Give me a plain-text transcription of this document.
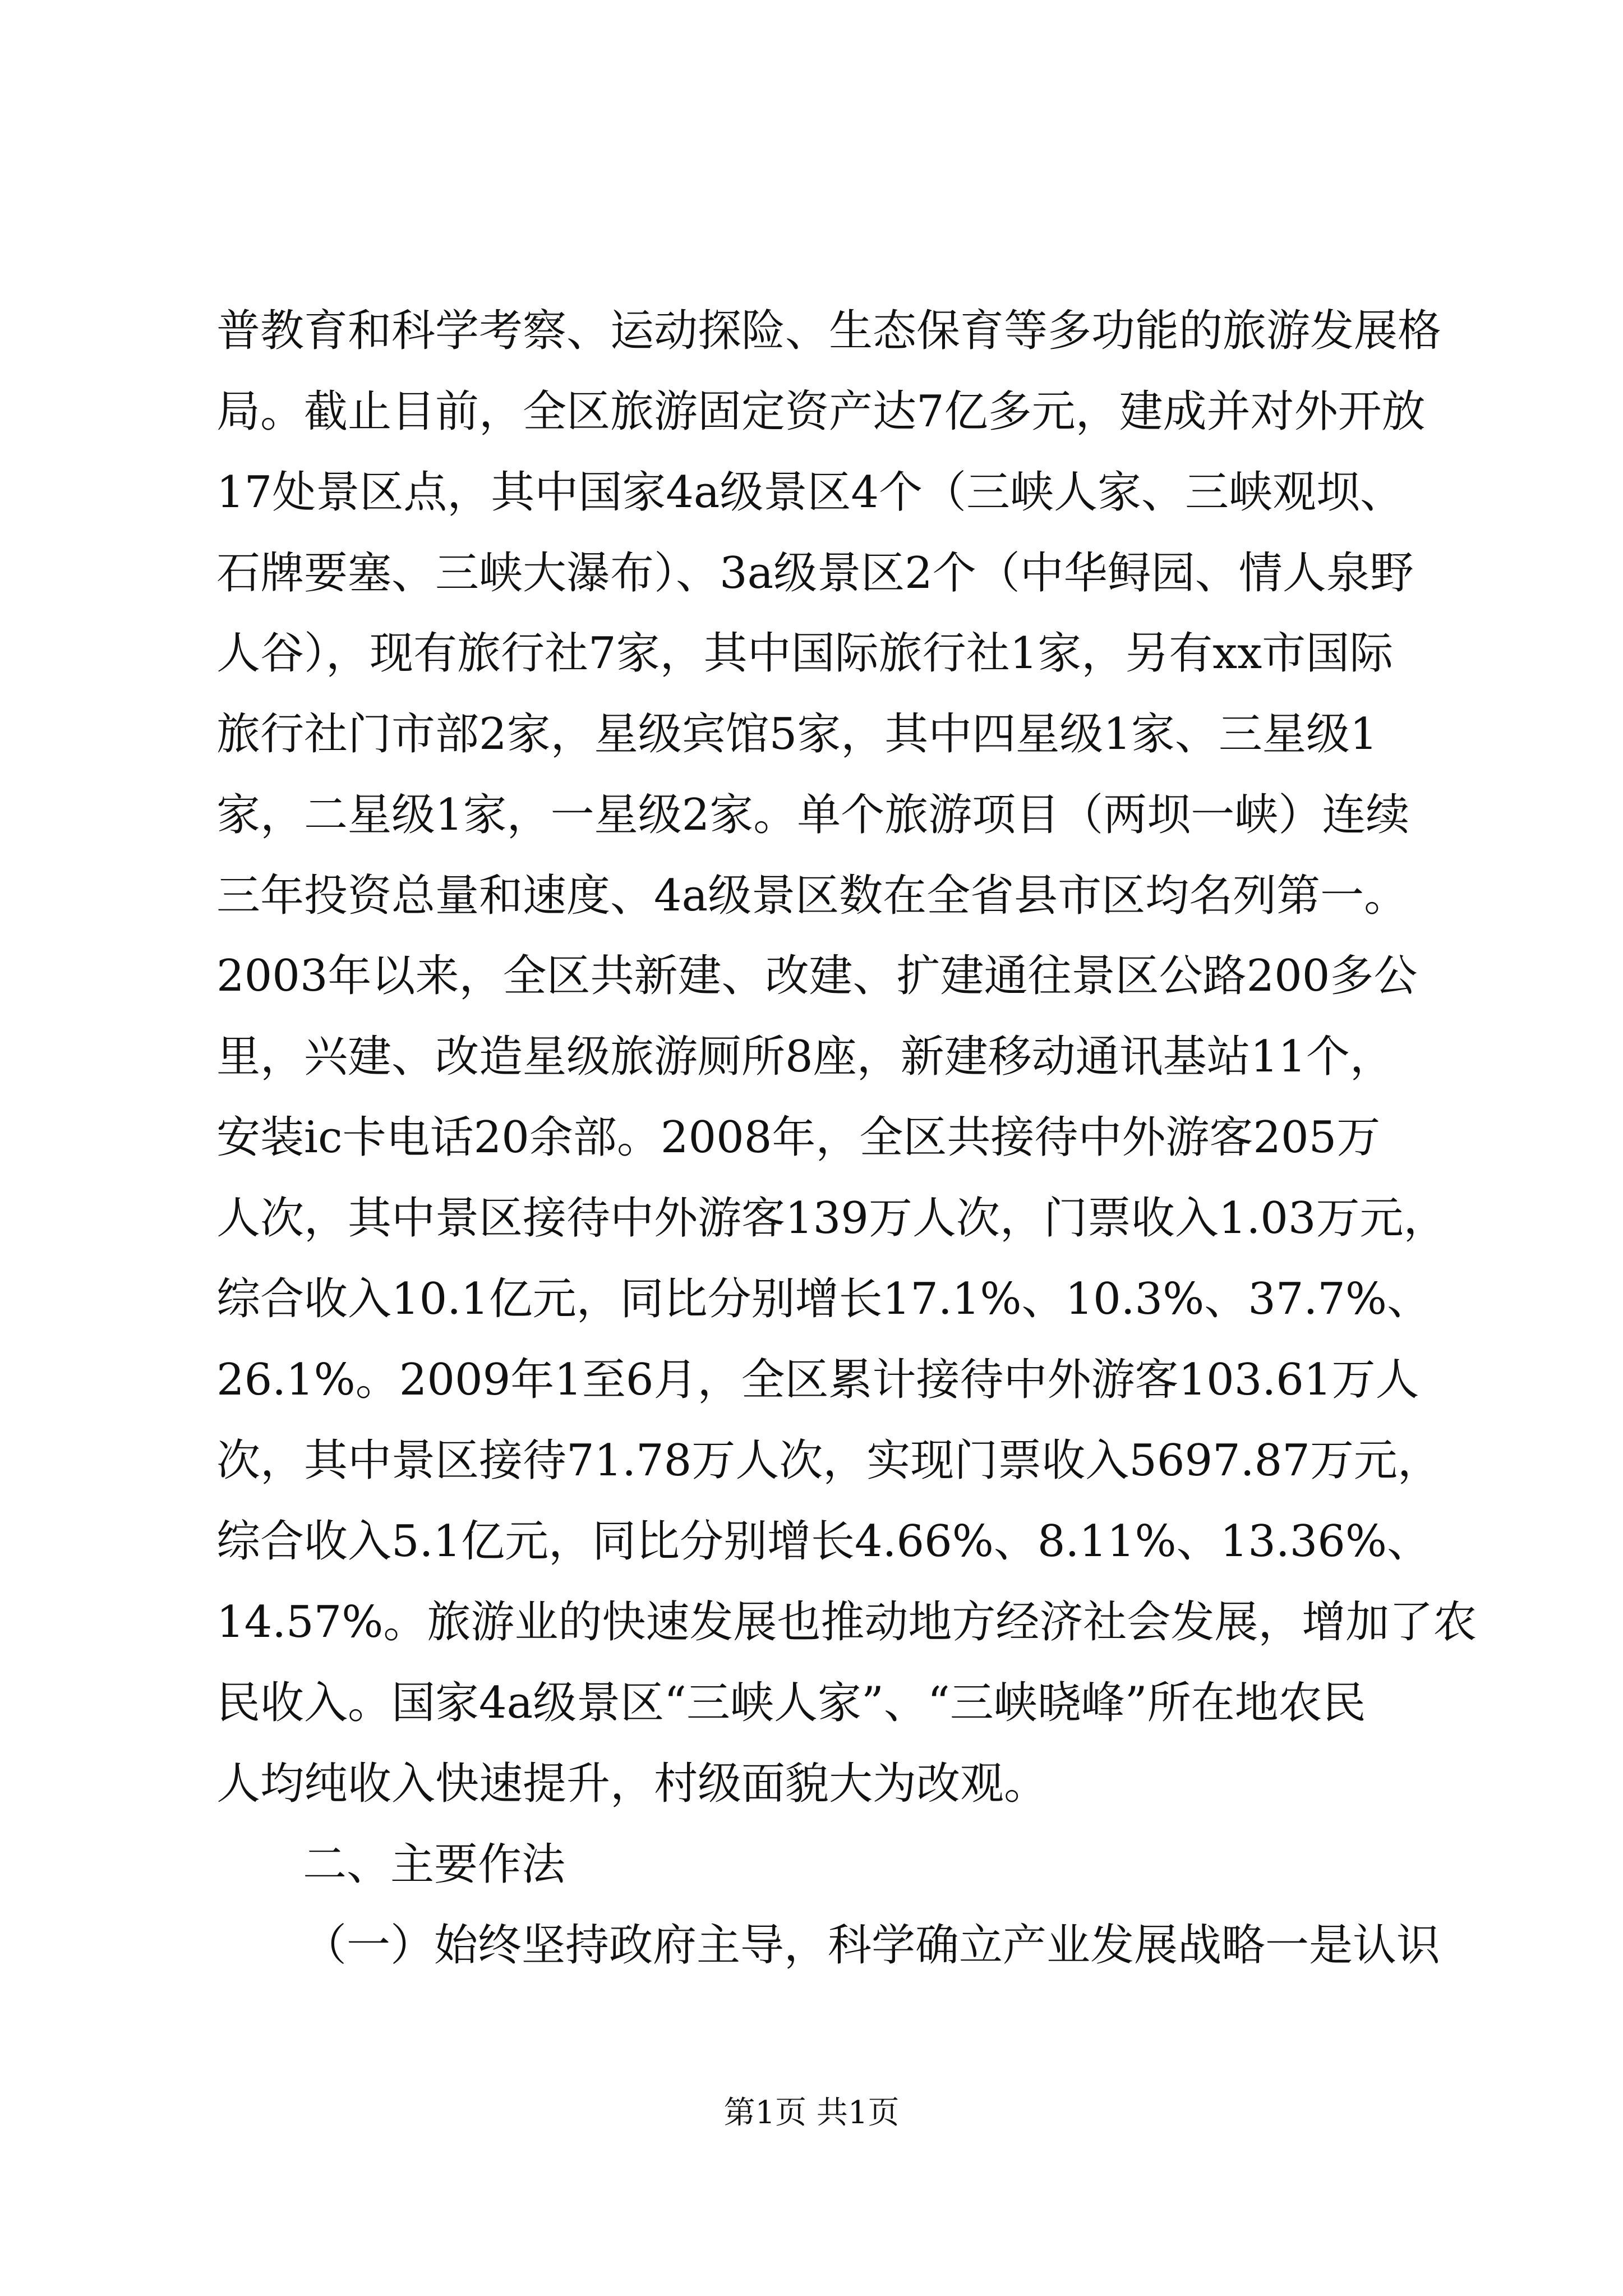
普教育和科学考察、运动探险、生态保育等多功能的旅游发展格
局。截止目前，全区旅游固定资产达7亿多元，建成并对外开放
17处景区点，其中国家4a级景区4个（三峡人家、三峡观坝、
石牌要塞、三峡大瀑布）、3a级景区2个（中华鲟园、情人泉野
人谷），现有旅行社7家，其中国际旅行社1家，另有xx市国际
旅行社门市部2家，星级宾馆5家，其中四星级1家、三星级1
家，二星级1家，一星级2家。单个旅游项目（两坝一峡）连续
三年投资总量和速度、4a级景区数在全省县市区均名列第一。
2003年以来，全区共新建、改建、扩建通往景区公路200多公
里，兴建、改造星级旅游厕所8座，新建移动通讯基站11个，
安装ic卡电话20余部。2008年，全区共接待中外游客205万
人次，其中景区接待中外游客139万人次，门票收入1.03万元，
综合收入10.1亿元，同比分别增长17.1%、10.3%、37.7%、
26.1%。2009年1至6月，全区累计接待中外游客103.61万人
次，其中景区接待71.78万人次，实现门票收入5697.87万元，
综合收入5.1亿元，同比分别增长4.66%、8.11%、13.36%、
14.57%。旅游业的快速发展也推动地方经济社会发展，增加了农
民收入。国家4a级景区“三峡人家”、“三峡晓峰”所在地农民
人均纯收入快速提升，村级面貌大为改观。
二、主要作法
（一）始终坚持政府主导，科学确立产业发展战略一是认识
第1页 共1页
